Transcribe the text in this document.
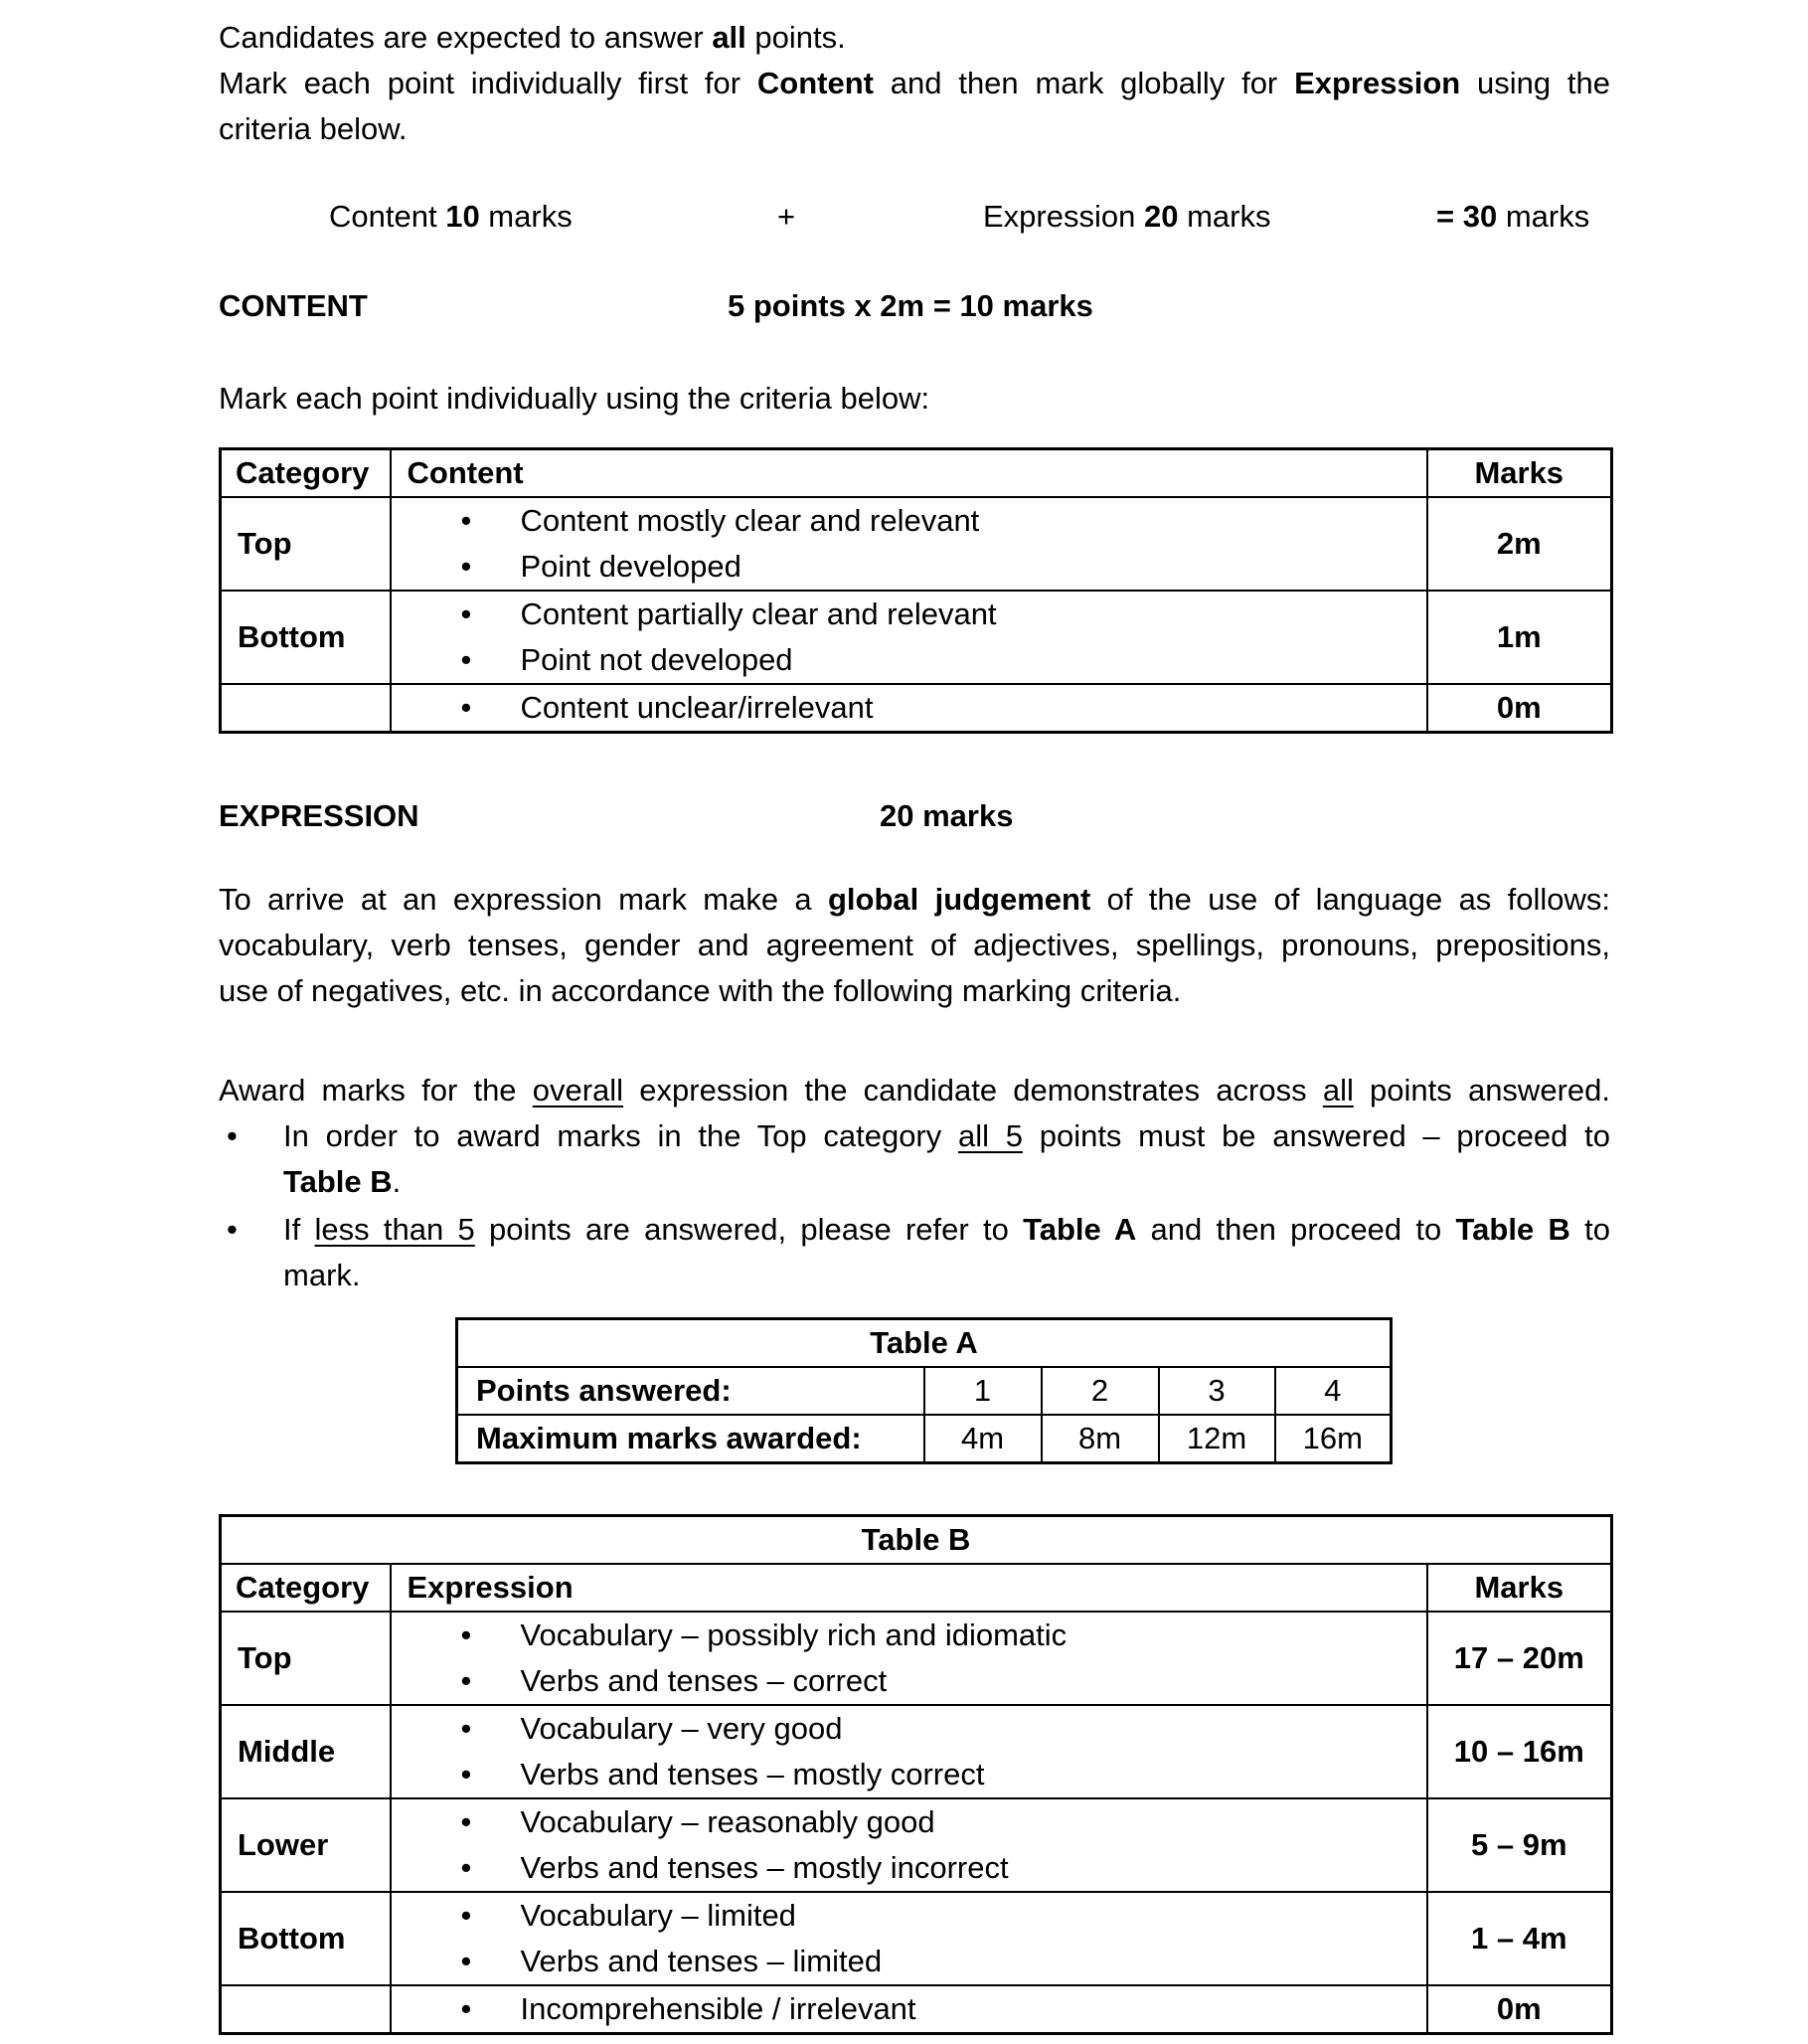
Candidates are expected to answer all points.
Mark each point individually first for Content and then mark globally for Expression using the
criteria below.
Content 10 marks	+	Expression 20 marks	= 30 marks
CONTENT	5 points x 2m = 10 marks
Mark each point individually using the criteria below:
Category	Content	Marks
Top	• Content mostly clear and relevant
• Point developed	2m
Bottom	• Content partially clear and relevant
• Point not developed	1m

	• Content unclear/irrelevant	0m
EXPRESSION	20 marks
To arrive at an expression mark make a global judgement of the use of language as follows:
vocabulary, verb tenses, gender and agreement of adjectives, spellings, pronouns, prepositions,
use of negatives, etc. in accordance with the following marking criteria.
Award marks for the overall expression the candidate demonstrates across all points answered.
• In order to award marks in the Top category all 5 points must be answered – proceed to
Table B.
• If less than 5 points are answered, please refer to Table A and then proceed to Table B to
mark.
Table A				
Points answered:	1	2	3	4
Maximum marks awarded:	4m	8m	12m	16m
Table B		
Category	Expression	Marks
Top	• Vocabulary – possibly rich and idiomatic
• Verbs and tenses – correct	17 – 20m
Middle	• Vocabulary – very good
• Verbs and tenses – mostly correct	10 – 16m
Lower	• Vocabulary – reasonably good
• Verbs and tenses – mostly incorrect	5 – 9m
Bottom	• Vocabulary – limited
• Verbs and tenses – limited	1 – 4m

	• Incomprehensible / irrelevant	0m
